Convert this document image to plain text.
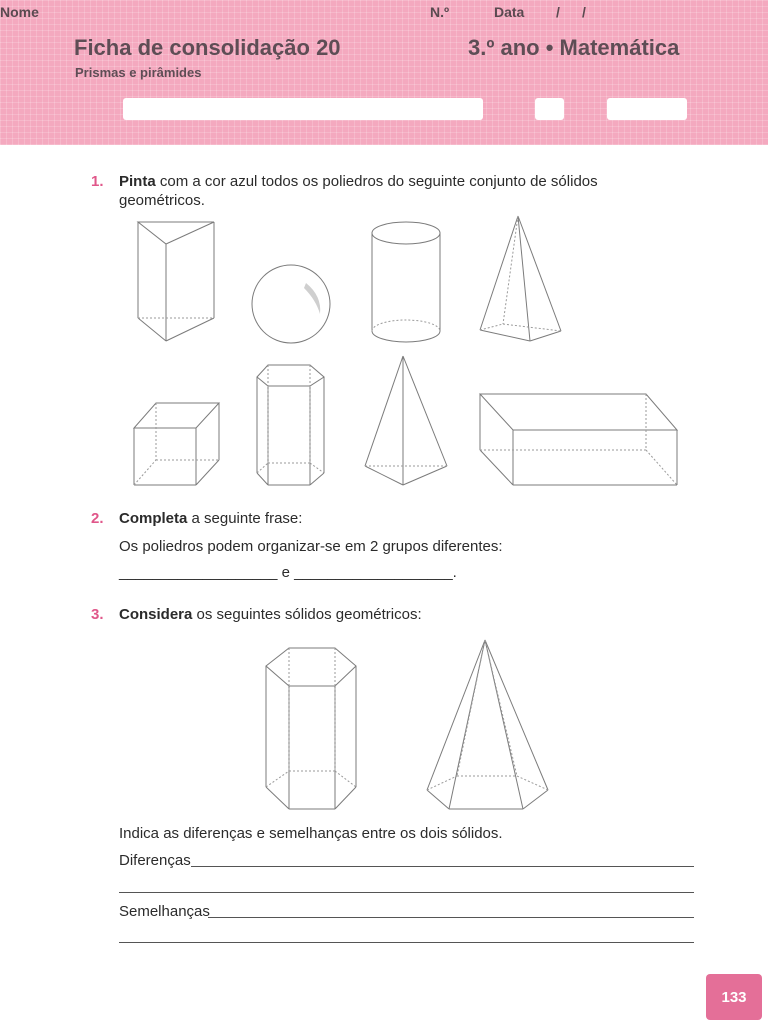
Nome	N.º	Data / /
Ficha de consolidação 20	3.º ano • Matemática
Prismas e pirâmides
1. Pinta com a cor azul todos os poliedros do seguinte conjunto de sólidos
geométricos.
2. Completa a seguinte frase:
Os poliedros podem organizar-se em 2 grupos diferentes:
___________________ e ___________________.
3. Considera os seguintes sólidos geométricos:
Indica as diferenças e semelhanças entre os dois sólidos.
Diferenças
Semelhanças
133
